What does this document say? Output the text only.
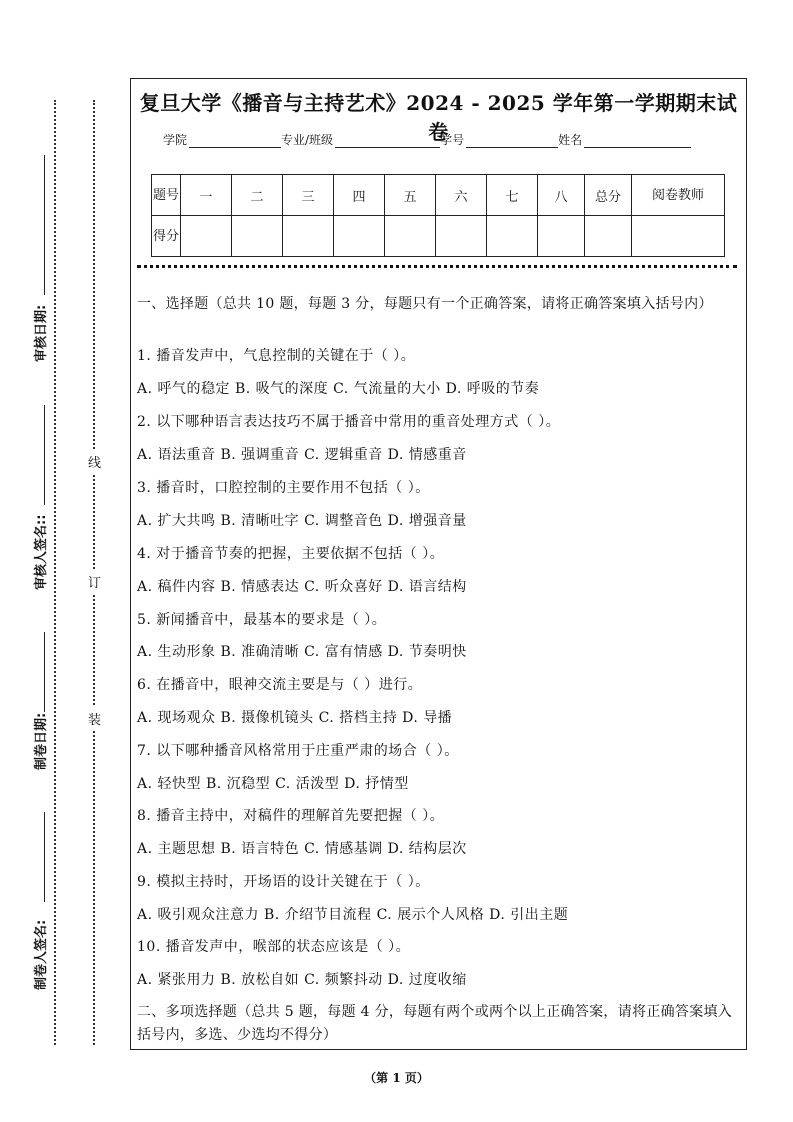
审核日期:
审核人签名::
制卷日期:
制卷人签名:
线
订
装
复旦大学《播音与主持艺术》2024 - 2025 学年第一学期期末试卷
学院	专业/班级	学号	姓名
题号	一	二	三	四	五	六	七	八	总分	阅卷教师
得分										
一、选择题（总共 10 题，每题 3 分，每题只有一个正确答案，请将正确答案填入括号内）
1. 播音发声中，气息控制的关键在于（ ）。
A. 呼气的稳定 B. 吸气的深度 C. 气流量的大小 D. 呼吸的节奏
2. 以下哪种语言表达技巧不属于播音中常用的重音处理方式（ ）。
A. 语法重音 B. 强调重音 C. 逻辑重音 D. 情感重音
3. 播音时，口腔控制的主要作用不包括（ ）。
A. 扩大共鸣 B. 清晰吐字 C. 调整音色 D. 增强音量
4. 对于播音节奏的把握，主要依据不包括（ ）。
A. 稿件内容 B. 情感表达 C. 听众喜好 D. 语言结构
5. 新闻播音中，最基本的要求是（ ）。
A. 生动形象 B. 准确清晰 C. 富有情感 D. 节奏明快
6. 在播音中，眼神交流主要是与（ ）进行。
A. 现场观众 B. 摄像机镜头 C. 搭档主持 D. 导播
7. 以下哪种播音风格常用于庄重严肃的场合（ ）。
A. 轻快型 B. 沉稳型 C. 活泼型 D. 抒情型
8. 播音主持中，对稿件的理解首先要把握（ ）。
A. 主题思想 B. 语言特色 C. 情感基调 D. 结构层次
9. 模拟主持时，开场语的设计关键在于（ ）。
A. 吸引观众注意力 B. 介绍节目流程 C. 展示个人风格 D. 引出主题
10. 播音发声中，喉部的状态应该是（ ）。
A. 紧张用力 B. 放松自如 C. 频繁抖动 D. 过度收缩
二、多项选择题（总共 5 题，每题 4 分，每题有两个或两个以上正确答案，请将正确答案填入括号内，多选、少选均不得分）
（第 1 页）
